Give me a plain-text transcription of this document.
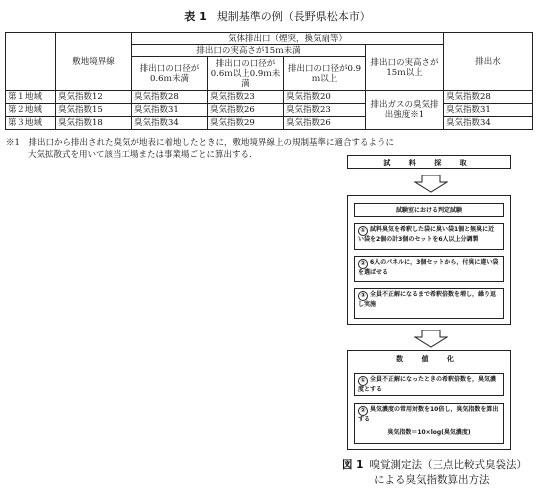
表 1 規制基準の例（長野県松本市）
	敷地境界線	気体排出口（煙突，換気扇等）				排出水
		排出口の実高さが15ｍ未満			排出口の実高さが15ｍ以上	
		排出口の口径が0.6ｍ未満	排出口の口径が0.6ｍ以上0.9ｍ未満	排出口の口径が0.9ｍ以上		

第１地域	臭気指数12	臭気指数28	臭気指数23	臭気指数20	排出ガスの臭気排出強度※1	臭気指数28
第２地域	臭気指数15	臭気指数31	臭気指数26	臭気指数23		臭気指数31
第３地域	臭気指数18	臭気指数34	臭気指数29	臭気指数26		臭気指数34
※1　 排出口から排出された臭気が地表に着地したときに，敷地境界線上の規制基準に適合するように
大気拡散式を用いて該当工場または事業場ごとに算出する.
試 料 採 取
試験室における判定試験
① 試料臭気を希釈した袋に臭い袋1個と無臭に近い袋を2個の計3個のセットを6人以上分調製
② 6人のパネルに，3個セットから，付臭に違い袋を選ばせる
③ 全員不正解になるまで希釈倍数を増し，繰り返し実施
数 値 化
① 全員不正解になったときの希釈倍数を，臭気濃度とする
② 臭気濃度の常用対数を10倍し，臭気指数を算出する
臭気指数＝10×log(臭気濃度)
図 1 嗅覚測定法（三点比較式臭袋法）
による臭気指数算出方法
